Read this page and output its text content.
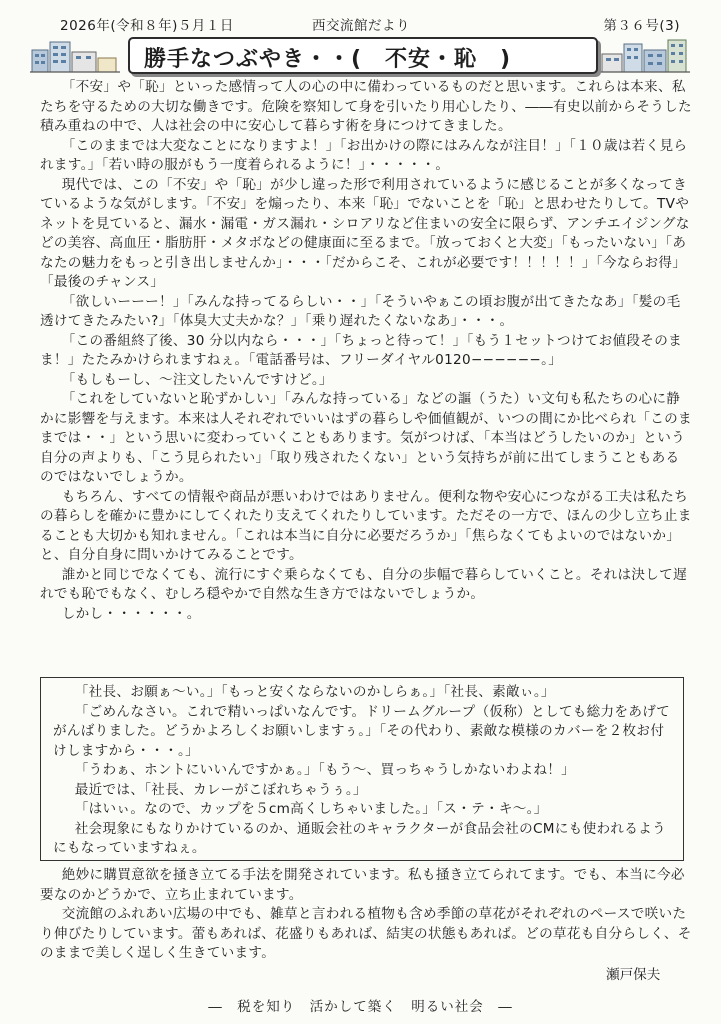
2026年(令和８年)５月１日	西交流館だより	第３６号(3)
勝手なつぶやき・・(　不安・恥　)

「不安」や「恥」といった感情って人の心の中に備わっているものだと思います。これらは本来、私たちを守るための大切な働きです。危険を察知して身を引いたり用心したり、――有史以前からそうした積み重ねの中で、人は社会の中に安心して暮らす術を身につけてきました。

「このままでは大変なことになりますよ！」「お出かけの際にはみんなが注目！」「１０歳は若く見られます。」「若い時の服がもう一度着られるように！」・・・・・。

現代では、この「不安」や「恥」が少し違った形で利用されているように感じることが多くなってきているような気がします。「不安」を煽ったり、本来「恥」でないことを「恥」と思わせたりして。TVやネットを見ていると、漏水・漏電・ガス漏れ・シロアリなど住まいの安全に限らず、アンチエイジングなどの美容、高血圧・脂肪肝・メタボなどの健康面に至るまで。「放っておくと大変」「もったいない」「あなたの魅力をもっと引き出しませんか」・・・「だからこそ、これが必要です！！！！！」「今ならお得」「最後のチャンス」

「欲しいーーー！」「みんな持ってるらしい・・」「そういやぁこの頃お腹が出てきたなあ」「髪の毛透けてきたみたい?」「体臭大丈夫かな？」「乗り遅れたくないなあ」・・・。

「この番組終了後、30 分以内なら・・・」「ちょっと待って！」「もう１セットつけてお値段そのまま！」たたみかけられますねぇ。「電話番号は、フリーダイヤル0120−−−−−−。」

「もしもーし、～注文したいんですけど。」

「これをしていないと恥ずかしい」「みんな持っている」などの謳（うた）い文句も私たちの心に静かに影響を与えます。本来は人それぞれでいいはずの暮らしや価値観が、いつの間にか比べられ「このままでは・・」という思いに変わっていくこともあります。気がつけば、「本当はどうしたいのか」という自分の声よりも、「こう見られたい」「取り残されたくない」という気持ちが前に出てしまうこともあるのではないでしょうか。

もちろん、すべての情報や商品が悪いわけではありません。便利な物や安心につながる工夫は私たちの暮らしを確かに豊かにしてくれたり支えてくれたりしています。ただその一方で、ほんの少し立ち止まることも大切かも知れません。「これは本当に自分に必要だろうか」「焦らなくてもよいのではないか」と、自分自身に問いかけてみることです。

誰かと同じでなくても、流行にすぐ乗らなくても、自分の歩幅で暮らしていくこと。それは決して遅れでも恥でもなく、むしろ穏やかで自然な生き方ではないでしょうか。

しかし・・・・・・。

「社長、お願ぁ〜い。」「もっと安くならないのかしらぁ。」「社長、素敵ぃ。」

「ごめんなさい。これで精いっぱいなんです。ドリームグループ（仮称）としても総力をあげてがんばりました。どうかよろしくお願いしますぅ。」「その代わり、素敵な模様のカバーを２枚お付けしますから・・・。」

「うわぁ、ホントにいいんですかぁ。」「もう〜、買っちゃうしかないわよね！」

最近では、「社長、カレーがこぼれちゃうぅ。」

「はいぃ。なので、カップを５cm高くしちゃいました。」「ス・テ・キ〜。」

社会現象にもなりかけているのか、通販会社のキャラクターが食品会社のCMにも使われるようにもなっていますねぇ。

絶妙に購買意欲を掻き立てる手法を開発されています。私も掻き立てられてます。でも、本当に今必要なのかどうかで、立ち止まれています。

交流館のふれあい広場の中でも、雑草と言われる植物も含め季節の草花がそれぞれのペースで咲いたり伸びたりしています。蕾もあれば、花盛りもあれば、結実の状態もあれば。どの草花も自分らしく、そのままで美しく逞しく生きています。

瀬戸保夫
―　税を知り　活かして築く　明るい社会　―
